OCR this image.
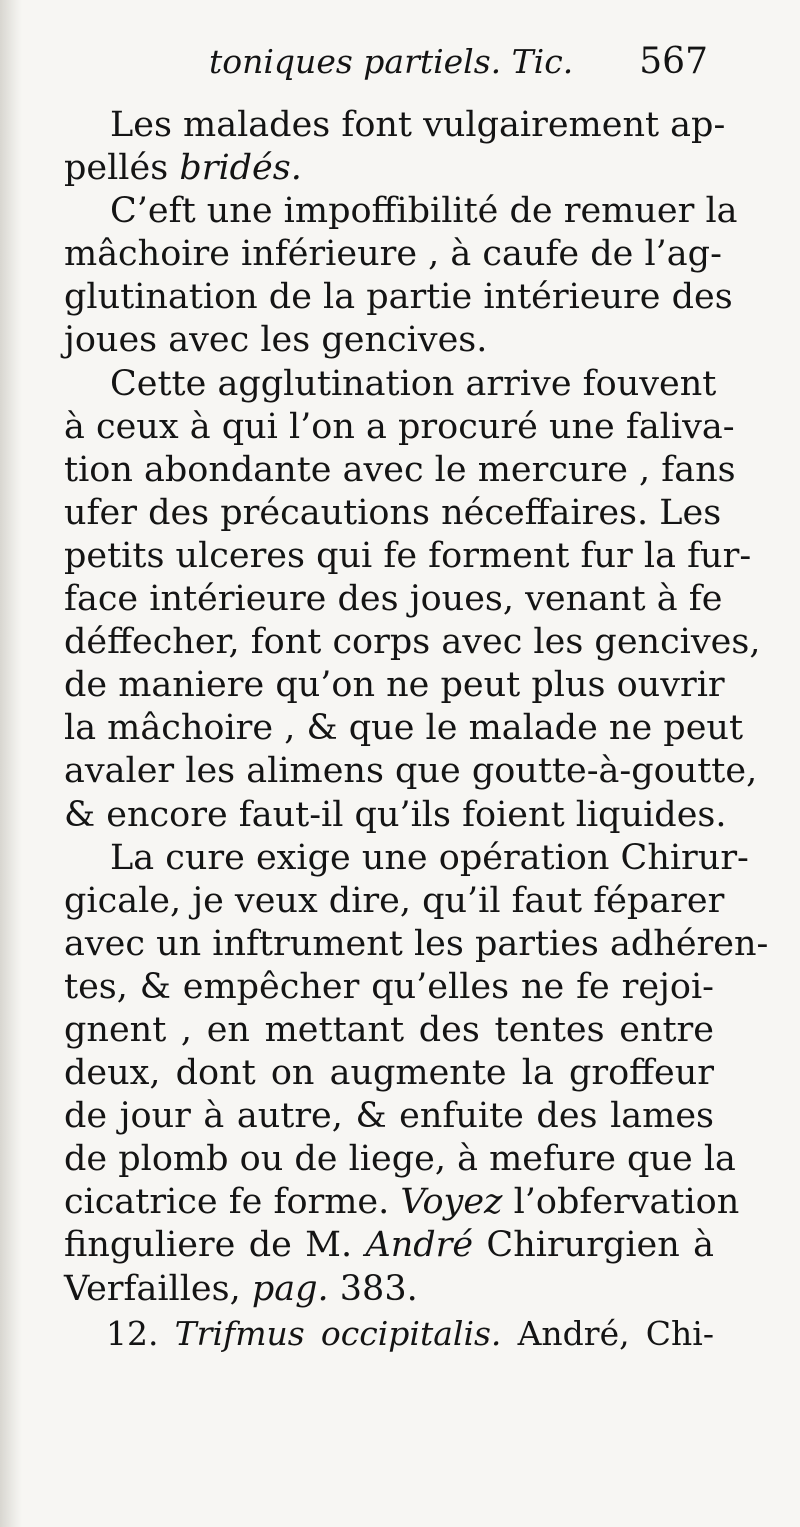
toniques partiels. Tic. 567
Les malades font vulgairement ap-
pellés bridés.
C’eft une impoffibilité de remuer la
mâchoire inférieure , à caufe de l’ag-
glutination de la partie intérieure des
joues avec les gencives.
Cette agglutination arrive fouvent
à ceux à qui l’on a procuré une faliva-
tion abondante avec le mercure , fans
ufer des précautions néceffaires. Les
petits ulceres qui fe forment fur la fur-
face intérieure des joues, venant à fe
déffecher, font corps avec les gencives,
de maniere qu’on ne peut plus ouvrir
la mâchoire , & que le malade ne peut
avaler les alimens que goutte-à-goutte,
& encore faut-il qu’ils foient liquides.
La cure exige une opération Chirur-
gicale, je veux dire, qu’il faut féparer
avec un inftrument les parties adhéren-
tes, & empêcher qu’elles ne fe rejoi-
gnent , en mettant des tentes entre
deux, dont on augmente la groffeur
de jour à autre, & enfuite des lames
de plomb ou de liege, à mefure que la
cicatrice fe forme. Voyez l’obfervation
finguliere de M. André Chirurgien à
Verfailles, pag. 383.
12. Trifmus occipitalis. André, Chi-
